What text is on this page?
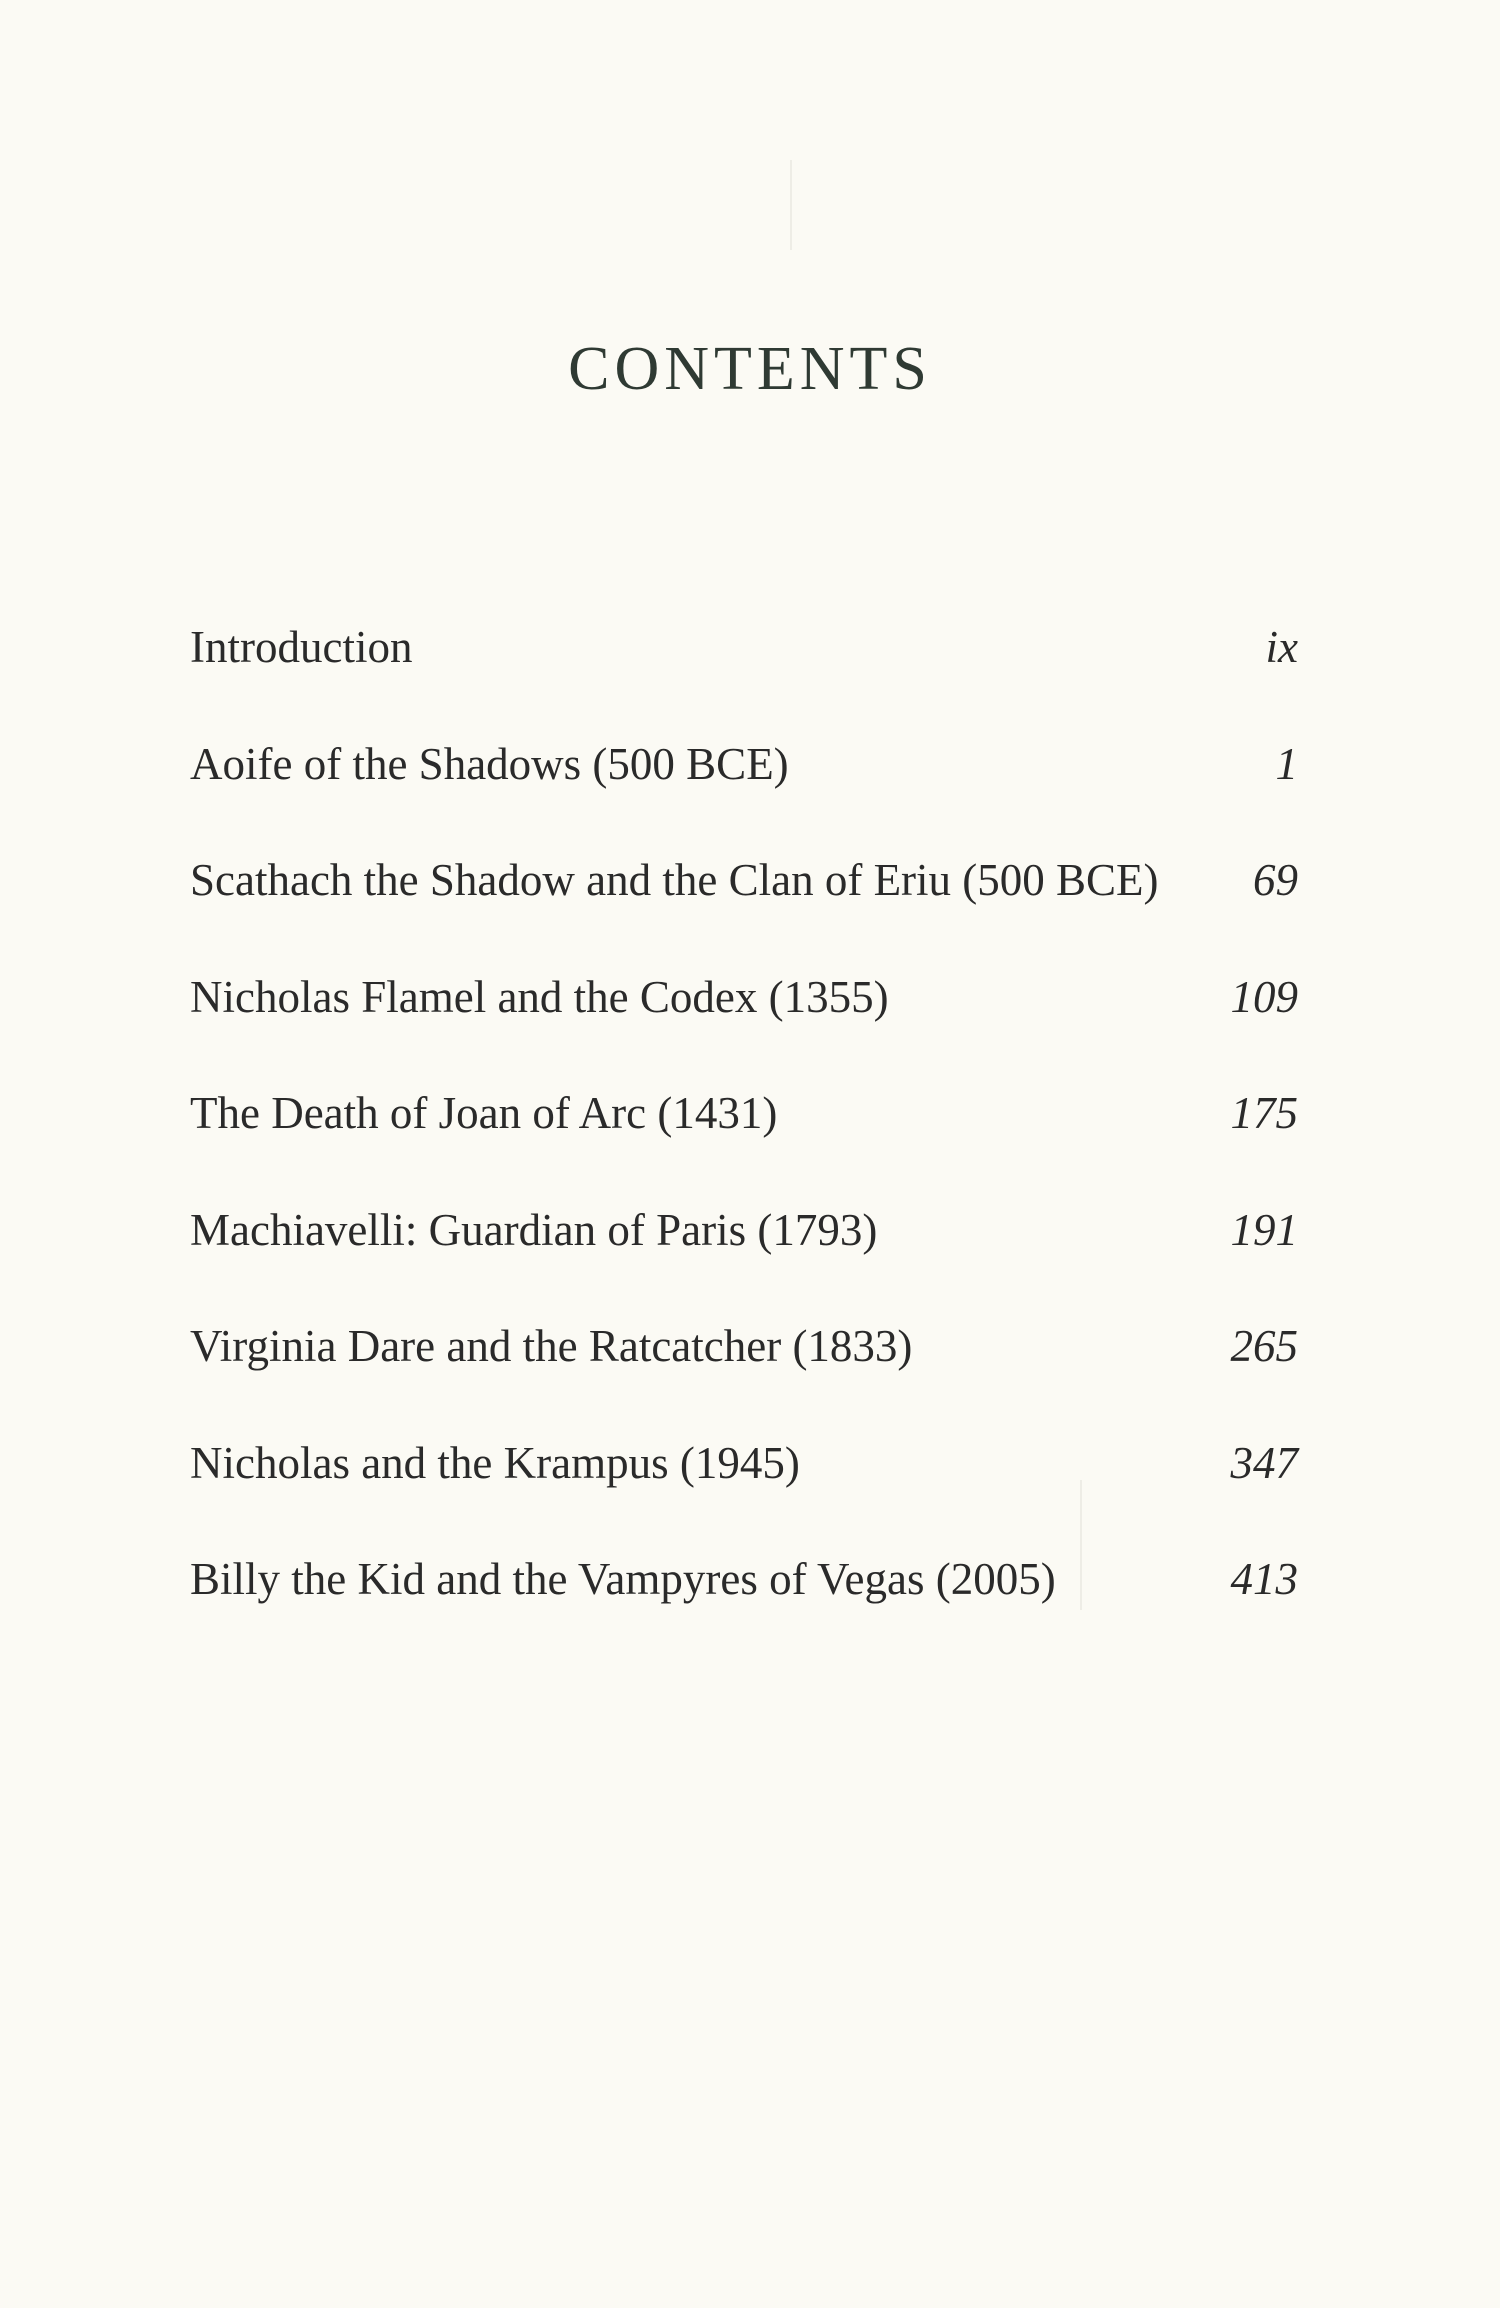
CONTENTS
Introduction	ix
Aoife of the Shadows (500 BCE)	1
Scathach the Shadow and the Clan of Eriu (500 BCE) 69
Nicholas Flamel and the Codex (1355)	109
The Death of Joan of Arc (1431)	175
Machiavelli: Guardian of Paris (1793)	191
Virginia Dare and the Ratcatcher (1833)	265
Nicholas and the Krampus (1945)	347
Billy the Kid and the Vampyres of Vegas (2005)	413
